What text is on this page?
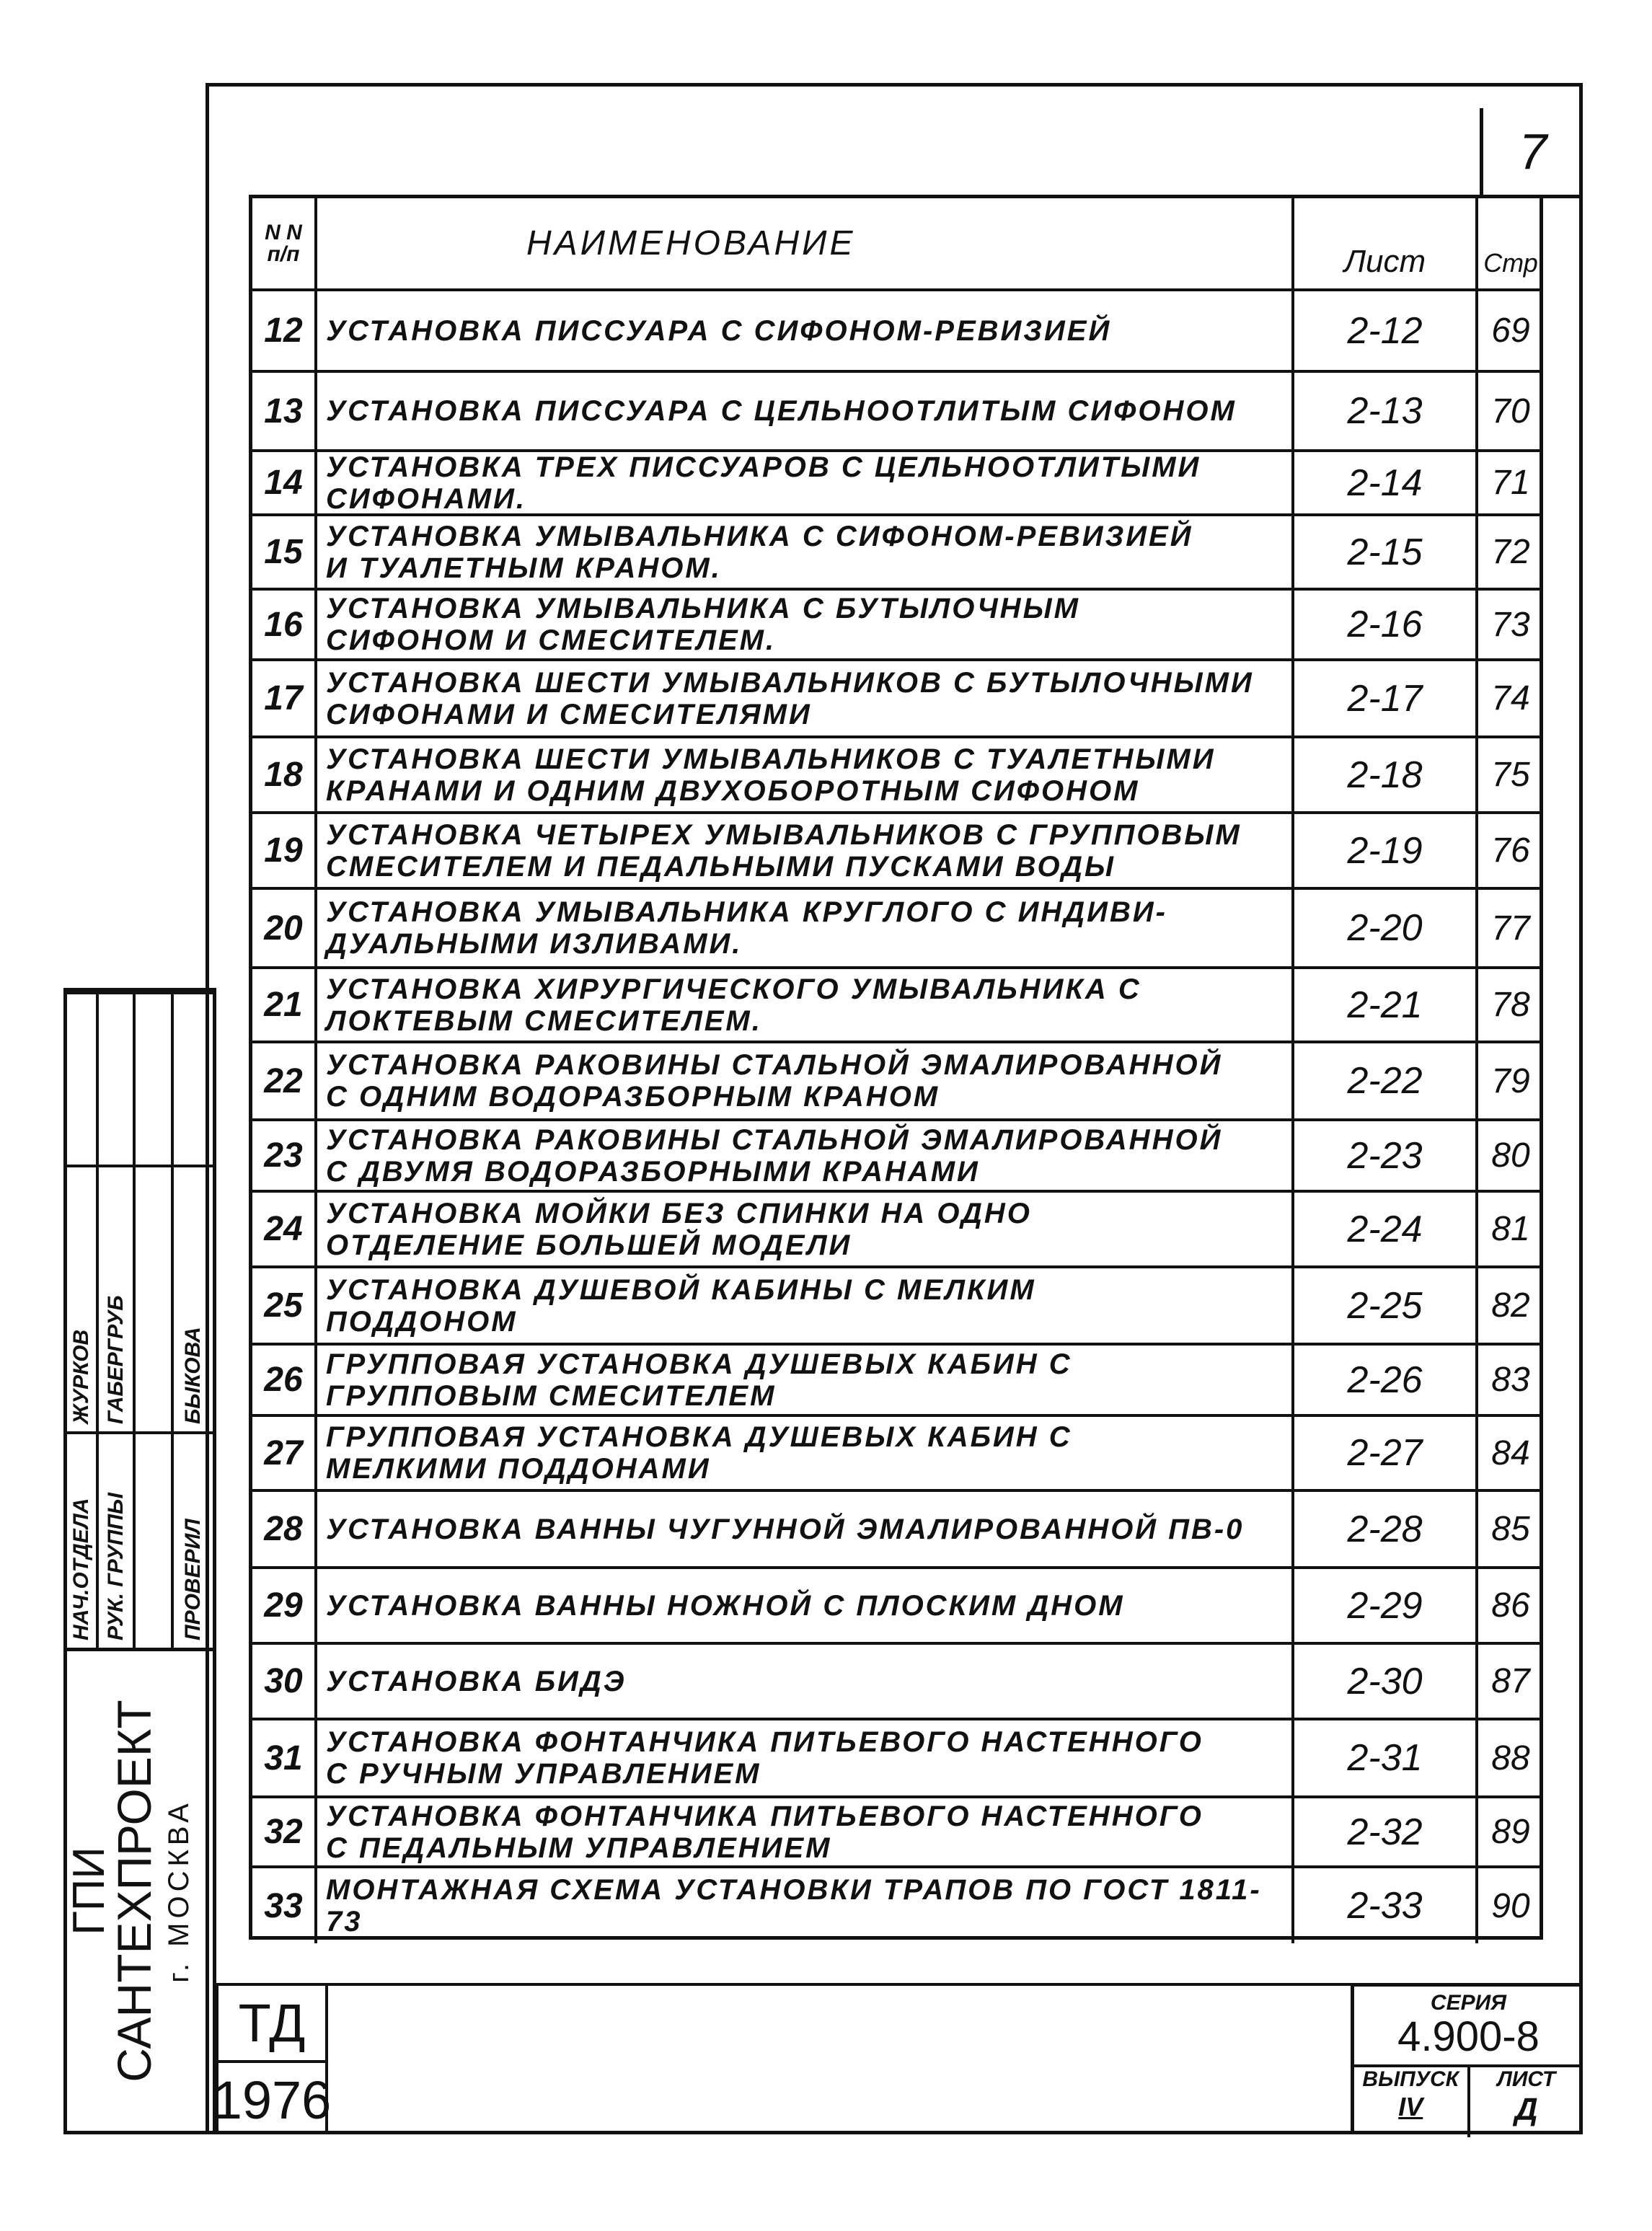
7
N N
п/п	НАИМЕНОВАНИЕ	Лист	Стр
12 УСТАНОВКА ПИССУАРА С СИФОНОМ-РЕВИЗИЕЙ	2-12	69
13 УСТАНОВКА ПИССУАРА С ЦЕЛЬНООТЛИТЫМ СИФОНОМ	2-13	70
14 УСТАНОВКА ТРЕХ ПИССУАРОВ С ЦЕЛЬНООТЛИТЫМИ
СИФОНАМИ.	2-14	71
15 УСТАНОВКА УМЫВАЛЬНИКА С СИФОНОМ-РЕВИЗИЕЙ
И ТУАЛЕТНЫМ КРАНОМ.	2-15	72
16 УСТАНОВКА УМЫВАЛЬНИКА С БУТЫЛОЧНЫМ
СИФОНОМ И СМЕСИТЕЛЕМ.	2-16	73
17 УСТАНОВКА ШЕСТИ УМЫВАЛЬНИКОВ С БУТЫЛОЧНЫМИ
СИФОНАМИ И СМЕСИТЕЛЯМИ	2-17	74
18 УСТАНОВКА ШЕСТИ УМЫВАЛЬНИКОВ С ТУАЛЕТНЫМИ
КРАНАМИ И ОДНИМ ДВУХОБОРОТНЫМ СИФОНОМ	2-18	75
19 УСТАНОВКА ЧЕТЫРЕХ УМЫВАЛЬНИКОВ С ГРУППОВЫМ
СМЕСИТЕЛЕМ И ПЕДАЛЬНЫМИ ПУСКАМИ ВОДЫ	2-19	76
20 УСТАНОВКА УМЫВАЛЬНИКА КРУГЛОГО С ИНДИВИ-
ДУАЛЬНЫМИ ИЗЛИВАМИ.	2-20	77
21 УСТАНОВКА ХИРУРГИЧЕСКОГО УМЫВАЛЬНИКА С
ЛОКТЕВЫМ СМЕСИТЕЛЕМ.	2-21	78
22 УСТАНОВКА РАКОВИНЫ СТАЛЬНОЙ ЭМАЛИРОВАННОЙ
С ОДНИМ ВОДОРАЗБОРНЫМ КРАНОМ	2-22	79
23 УСТАНОВКА РАКОВИНЫ СТАЛЬНОЙ ЭМАЛИРОВАННОЙ
С ДВУМЯ ВОДОРАЗБОРНЫМИ КРАНАМИ	2-23	80
24 УСТАНОВКА МОЙКИ БЕЗ СПИНКИ НА ОДНО
ОТДЕЛЕНИЕ БОЛЬШЕЙ МОДЕЛИ	2-24	81
25 УСТАНОВКА ДУШЕВОЙ КАБИНЫ С МЕЛКИМ
ПОДДОНОМ	2-25	82
26 ГРУППОВАЯ УСТАНОВКА ДУШЕВЫХ КАБИН С
ГРУППОВЫМ СМЕСИТЕЛЕМ	2-26	83
27 ГРУППОВАЯ УСТАНОВКА ДУШЕВЫХ КАБИН С
МЕЛКИМИ ПОДДОНАМИ	2-27	84
28 УСТАНОВКА ВАННЫ ЧУГУННОЙ ЭМАЛИРОВАННОЙ ПВ-0	2-28	85
29 УСТАНОВКА ВАННЫ НОЖНОЙ С ПЛОСКИМ ДНОМ	2-29	86
30 УСТАНОВКА БИДЭ	2-30	87
31 УСТАНОВКА ФОНТАНЧИКА ПИТЬЕВОГО НАСТЕННОГО
С РУЧНЫМ УПРАВЛЕНИЕМ	2-31	88
32 УСТАНОВКА ФОНТАНЧИКА ПИТЬЕВОГО НАСТЕННОГО
С ПЕДАЛЬНЫМ УПРАВЛЕНИЕМ	2-32	89
33 МОНТАЖНАЯ СХЕМА УСТАНОВКИ ТРАПОВ ПО ГОСТ 1811-73	2-33	90
ГПИ
САНТЕХПРОЕКТ г. МОСКВА
НАЧ.ОТДЕЛА
ЖУРКОВ
РУК. ГРУППЫ
ГАБЕРГРУБ
ПРОВЕРИЛ
БЫКОВА
ТД
1976
СЕРИЯ
4.900-8
ВЫПУСК
IV
ЛИСТ
Д
